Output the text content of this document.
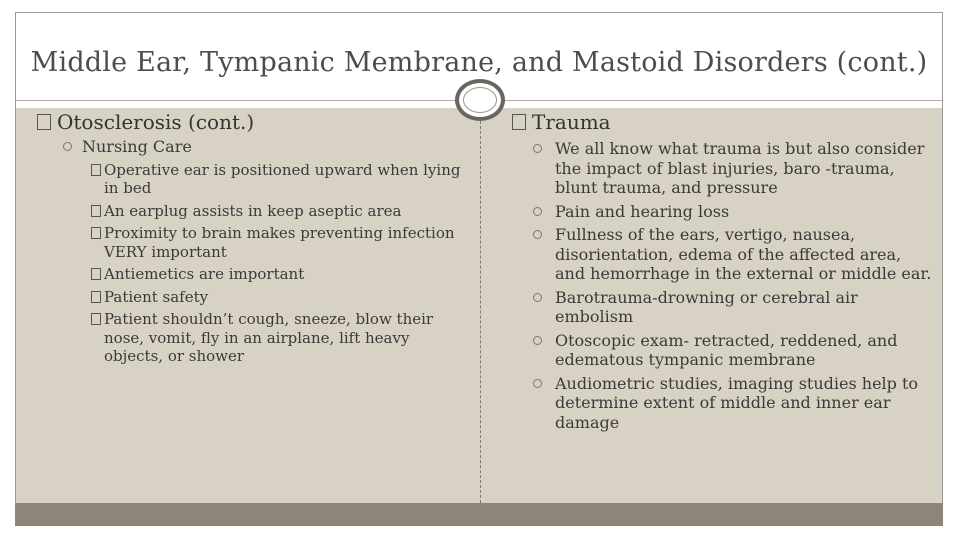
Middle Ear, Tympanic Membrane, and Mastoid Disorders (cont.)
Otosclerosis (cont.)
Nursing Care
Operative ear is positioned upward when lying in bed
An earplug assists in keep aseptic area
Proximity to brain makes preventing infection VERY important
Antiemetics are important
Patient safety
Patient shouldn’t cough, sneeze, blow their nose, vomit, fly in an airplane, lift heavy objects, or shower
Trauma
We all know what trauma is but also consider the impact of blast injuries, baro -trauma, blunt trauma, and pressure
Pain and hearing loss
Fullness of the ears, vertigo, nausea, disorientation, edema of the affected area, and hemorrhage in the external or middle ear.
Barotrauma-drowning or cerebral air embolism
Otoscopic exam- retracted, reddened, and edematous tympanic membrane
Audiometric studies, imaging studies help to determine extent of middle and inner ear damage
